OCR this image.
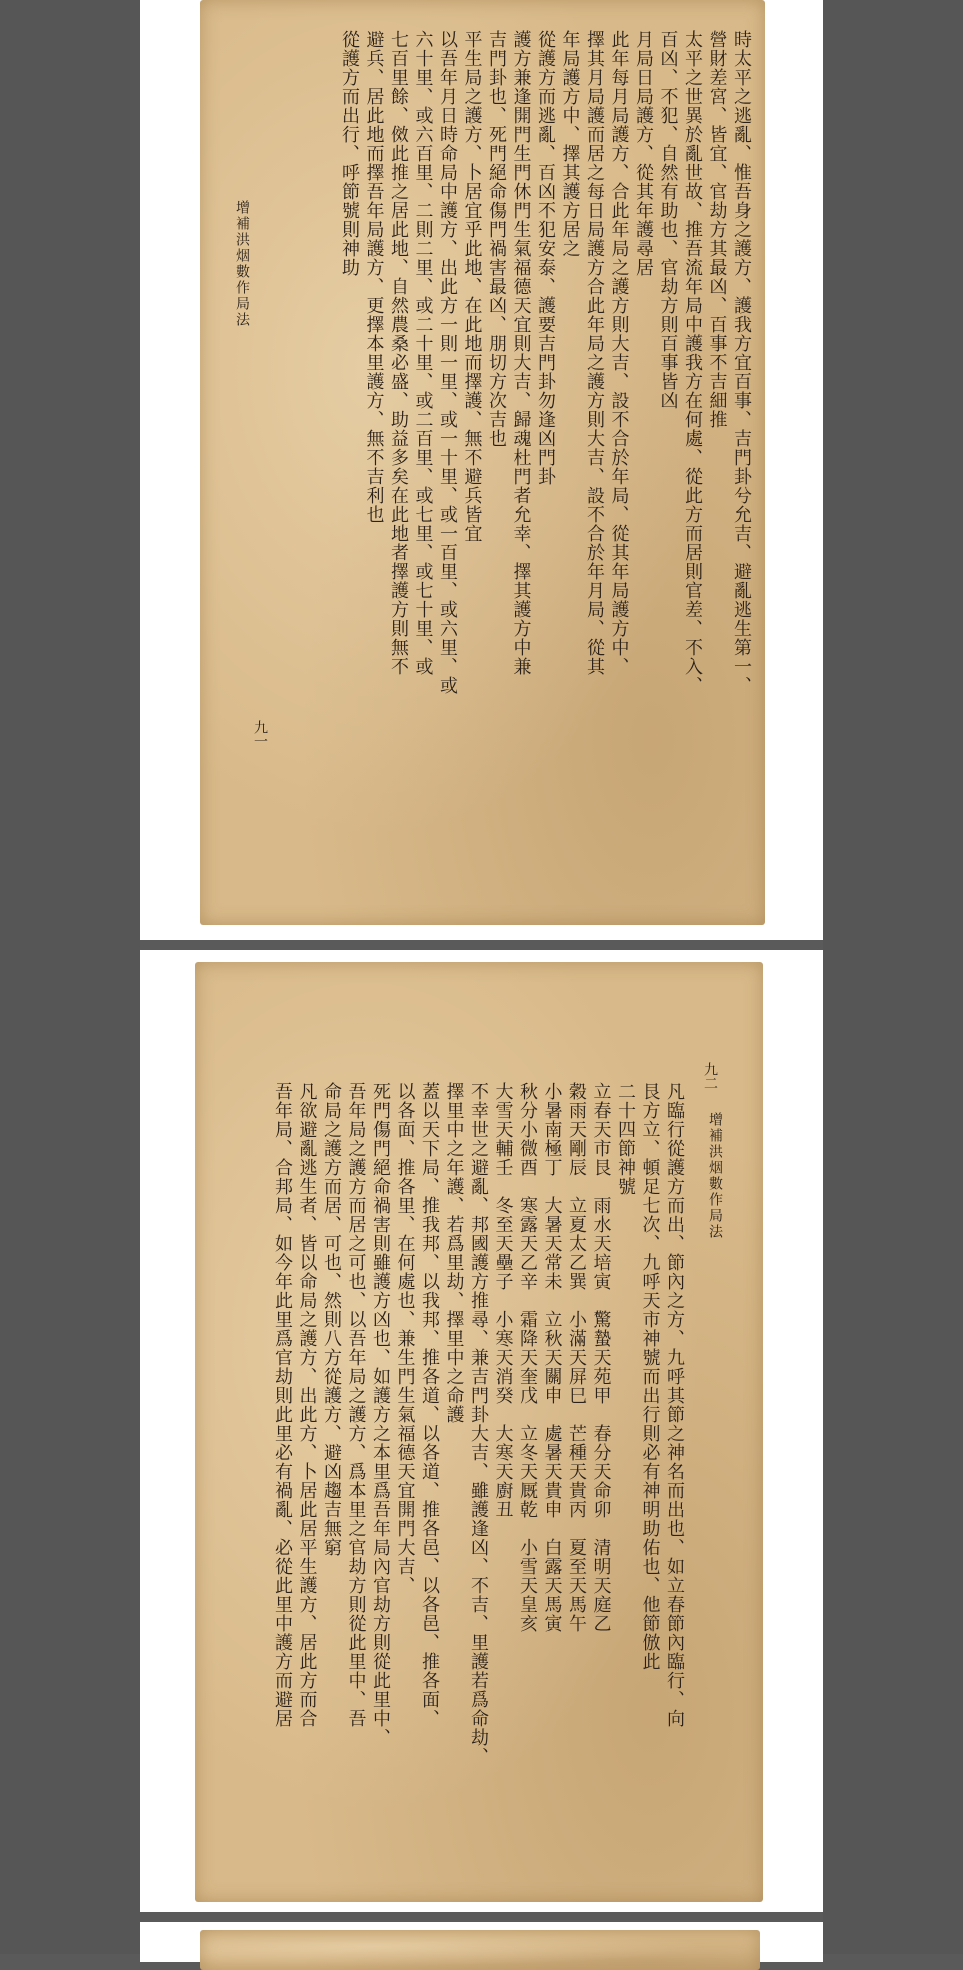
九一
增補洪烟數作局法	時太平之逃亂、惟吾身之護方、護我方宜百事、吉門卦兮允吉、避亂逃生第一、
營財差宮、皆宜、官劫方其最凶、百事不吉細推
太平之世異於亂世故、推吾流年局中護我方在何處、從此方而居則官差、不入、
百凶、不犯、自然有助也、官劫方則百事皆凶
月局日局護方、從其年護尋居
此年每月局護方、合此年局之護方則大吉、設不合於年局、從其年局護方中、
擇其月局護而居之每日局護方合此年局之護方則大吉、設不合於年月局、從其
年局護方中、擇其護方居之
從護方而逃亂、百凶不犯安泰、護要吉門卦勿逢凶門卦
護方兼逢開門生門休門生氣福德天宜則大吉、歸魂杜門者允幸、擇其護方中兼
吉門卦也、死門絕命傷門禍害最凶、朋切方次吉也
平生局之護方、卜居宜乎此地、在此地而擇護、無不避兵皆宜
以吾年月日時命局中護方、出此方一則一里、或一十里、或一百里、或六里、或
六十里、或六百里、二則二里、或二十里、或二百里、或七里、或七十里、或
七百里餘、傚此推之居此地、自然農桑必盛、助益多矣在此地者擇護方則無不
避兵、居此地而擇吾年局護方、更擇本里護方、無不吉利也
從護方而出行、呼節號則神助
九二
增補洪烟數作局法
凡臨行從護方而出、節內之方、九呼其節之神名而出也、如立春節內臨行、向
艮方立、頓足七次、九呼天市神號而出行則必有神明助佑也、他節倣此
二十四節神號
立春天市艮　雨水天培寅　驚蟄天苑甲　春分天命卯　清明天庭乙
穀雨天剛辰　立夏太乙巽　小滿天屏巳　芒種天貴丙　夏至天馬午
小暑南極丁　大暑天常未　立秋天關申　處暑天貴申　白露天馬寅
秋分小微酉　寒露天乙辛　霜降天奎戊　立冬天厩乾　小雪天皇亥
大雪天輔壬　冬至天壘子　小寒天消癸　大寒天廚丑
不幸世之避亂、邦國護方推尋、兼吉門卦大吉、雖護逢凶、不吉、里護若爲命劫、
擇里中之年護、若爲里劫、擇里中之命護
蓋以天下局、推我邦、以我邦、推各道、以各道、推各邑、以各邑、推各面、
以各面、推各里、在何處也、兼生門生氣福德天宜開門大吉、
死門傷門絕命禍害則雖護方凶也、如護方之本里爲吾年局內官劫方則從此里中、
吾年局之護方而居之可也、以吾年局之護方、爲本里之官劫方則從此里中、吾
命局之護方而居、可也、然則八方從護方、避凶趨吉無窮
凡欲避亂逃生者、皆以命局之護方、出此方、卜居此居平生護方、居此方而合
吾年局、合邦局、如今年此里爲官劫則此里必有禍亂、必從此里中護方而避居
